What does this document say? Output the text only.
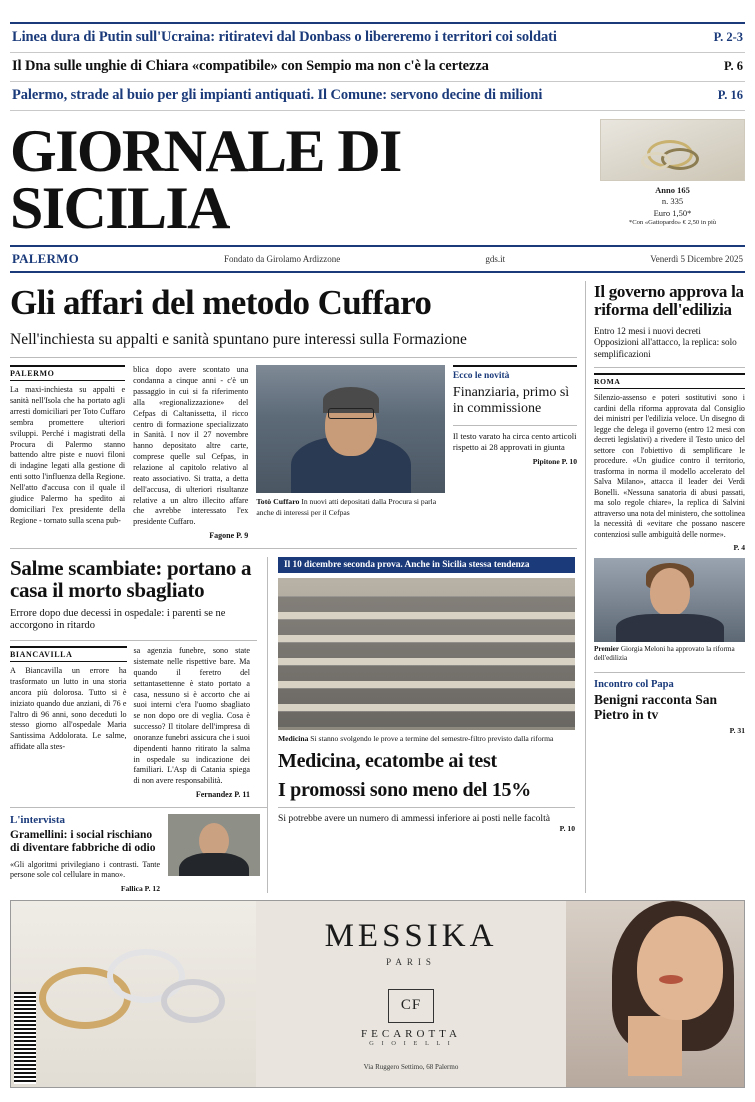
Linea dura di Putin sull'Ucraina: ritiratevi dal Donbass o libereremo i territori coi soldati	P. 2-3
Il Dna sulle unghie di Chiara «compatibile» con Sempio ma non c'è la certezza	P. 6
Palermo, strade al buio per gli impianti antiquati. Il Comune: servono decine di milioni	P. 16
GIORNALE DI SICILIA	Anno 165
n. 335
Euro 1,50*
*Con «Gattopardo» € 2,50 in più
PALERMO	Fondato da Girolamo Ardizzone	gds.it	Venerdì 5 Dicembre 2025
Gli affari del metodo Cuffaro
Nell'inchiesta su appalti e sanità spuntano pure interessi sulla Formazione
PALERMO
La maxi-inchiesta su appalti e sanità nell'Isola che ha portato agli arresti domiciliari per Toto Cuffaro sembra promettere ulteriori sviluppi. Perché i magistrati della Procura di Palermo stanno battendo altre piste e nuovi filoni di indagine legati alla gestione di enti sotto l'influenza della Regione. Nell'atto d'accusa con il quale il giudice Palermo ha spedito ai domiciliari l'ex presidente della Regione - tornato sulla scena pub-
blica dopo avere scontato una condanna a cinque anni - c'è un passaggio in cui si fa riferimento alla «regionalizzazione» del Cefpas di Caltanissetta, il ricco centro di formazione specializzato in Sanità. I nov il 27 novembre hanno depositato altre carte, comprese quelle sul Cefpas, in relazione al capitolo relativo al reato associativo. Si tratta, a detta dell'accusa, di ulteriori risultanze relative a un altro illecito affare che avrebbe interessato l'ex presidente Cuffaro.
Fagone P. 9
Totò Cuffaro In nuovi atti depositati dalla Procura si parla anche di interessi per il Cefpas
Ecco le novità
Finanziaria, primo sì in commissione
Il testo varato ha circa cento articoli rispetto ai 28 approvati in giunta
Pipitone P. 10
Salme scambiate: portano a casa il morto sbagliato
Errore dopo due decessi in ospedale: i parenti se ne accorgono in ritardo
BIANCAVILLA
A Biancavilla un errore ha trasformato un lutto in una storia ancora più dolorosa. Tutto si è iniziato quando due anziani, di 76 e l'altro di 96 anni, sono deceduti lo stesso giorno all'ospedale Maria Santissima Addolorata. Le salme, affidate alla stes-
sa agenzia funebre, sono state sistemate nelle rispettive bare. Ma quando il feretro del settantasettenne è stato portato a casa, nessuno si è accorto che ai suoi interni c'era l'uomo sbagliato se non dopo ore di veglia. Cosa è successo? Il titolare dell'impresa di onoranze funebri assicura che i suoi dipendenti hanno ritirato la salma in ospedale su indicazione dei familiari. L'Asp di Catania spiega di non avere responsabilità.
Fernandez P. 11
L'intervista
Gramellini: i social rischiano di diventare fabbriche di odio
«Gli algoritmi privilegiano i contrasti. Tante persone sole col cellulare in mano».
Fallica P. 12
Il 10 dicembre seconda prova. Anche in Sicilia stessa tendenza
Medicina Si stanno svolgendo le prove a termine del semestre-filtro previsto dalla riforma
Medicina, ecatombe ai test
I promossi sono meno del 15%
Si potrebbe avere un numero di ammessi inferiore ai posti nelle facoltà
P. 10
Il governo approva la riforma dell'edilizia
Entro 12 mesi i nuovi decreti Opposizioni all'attacco, la replica: solo semplificazioni
ROMA
Silenzio-assenso e poteri sostitutivi sono i cardini della riforma approvata dal Consiglio dei ministri per l'edilizia veloce. Un disegno di legge che delega il governo (entro 12 mesi con decreti legislativi) a rivedere il Testo unico del settore con l'obiettivo di semplificare le procedure. «Un giudice contro il territorio, trasforma in norma il modello accelerato del Salva Milano», attacca il leader dei Verdi Bonelli. «Nessuna sanatoria di abusi passati, ma solo regole chiare», la replica di Salvini attraverso una nota del ministero, che sottolinea la necessità di «evitare che possano nascere contenziosi sulle ambiguità delle norme».
P. 4
Premier Giorgia Meloni ha approvato la riforma dell'edilizia
Incontro col Papa
Benigni racconta San Pietro in tv
P. 31
MESSIKA
PARIS
CF
FECAROTTA
G I O I E L L I
Via Ruggero Settimo, 68 Palermo
